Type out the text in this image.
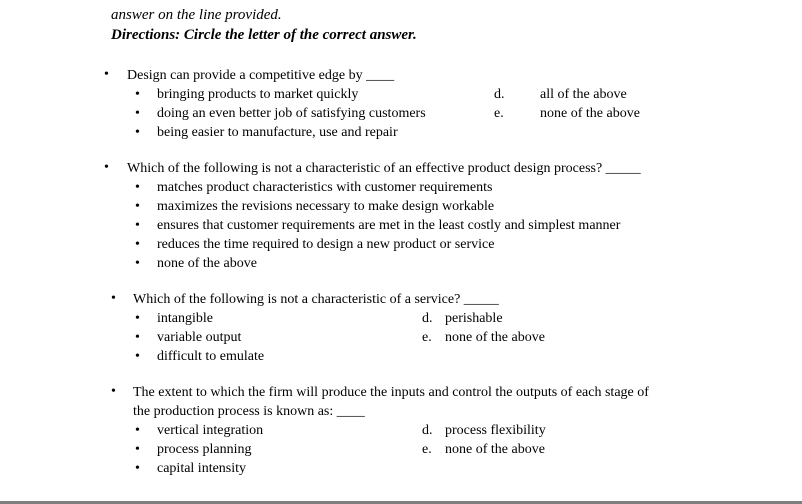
answer on the line provided.
Directions: Circle the letter of the correct answer.
• Design can provide a competitive edge by ____
• bringing products to market quickly
• doing an even better job of satisfying customers
• being easier to manufacture, use and repair
d.	all of the above
e.	none of the above
• Which of the following is not a characteristic of an effective product design process? _____
• matches product characteristics with customer requirements
• maximizes the revisions necessary to make design workable
• ensures that customer requirements are met in the least costly and simplest manner
• reduces the time required to design a new product or service
• none of the above
• Which of the following is not a characteristic of a service? _____
• intangible
• variable output
• difficult to emulate
d. perishable
e. none of the above
• The extent to which the firm will produce the inputs and control the outputs of each stage of
the production process is known as: ____
• vertical integration
• process planning
• capital intensity
d. process flexibility
e. none of the above
